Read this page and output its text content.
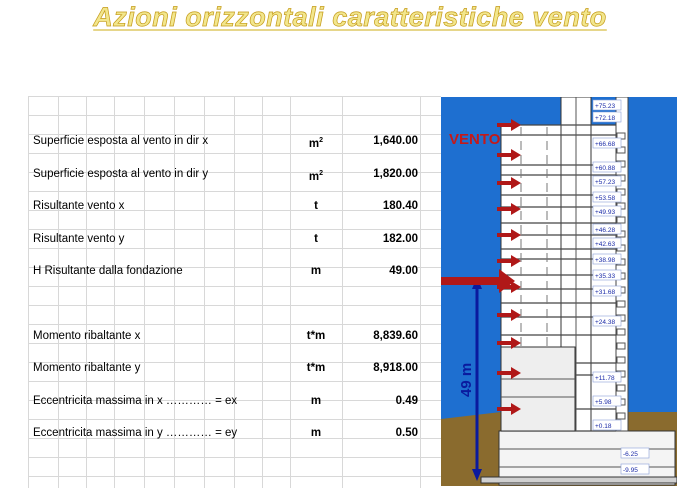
Azioni orizzontali caratteristiche vento
Superficie esposta al vento in dir x	$m^2$	1,640.00
Superficie esposta al vento in dir y	$m^2$	1,820.00
Risultante vento x	t	180.40
Risultante vento y	t	182.00
H Risultante dalla fondazione	m	49.00
Momento ribaltante x	t*m	8,839.60
Momento ribaltante y	t*m	8,918.00
Eccentricita massima in x ………… = ex	m	0.49
Eccentricita massima in y ………… = ey	m	0.50
+75.23
+72.18
+66.68
+60.88
+57.23
+53.58
+49.93
+46.28
+42.63
+38.98
+35.33
+31.68
+24.38
+11.78
+5.98
+0.18
-6.25
-9.95
VENTO
49 m
